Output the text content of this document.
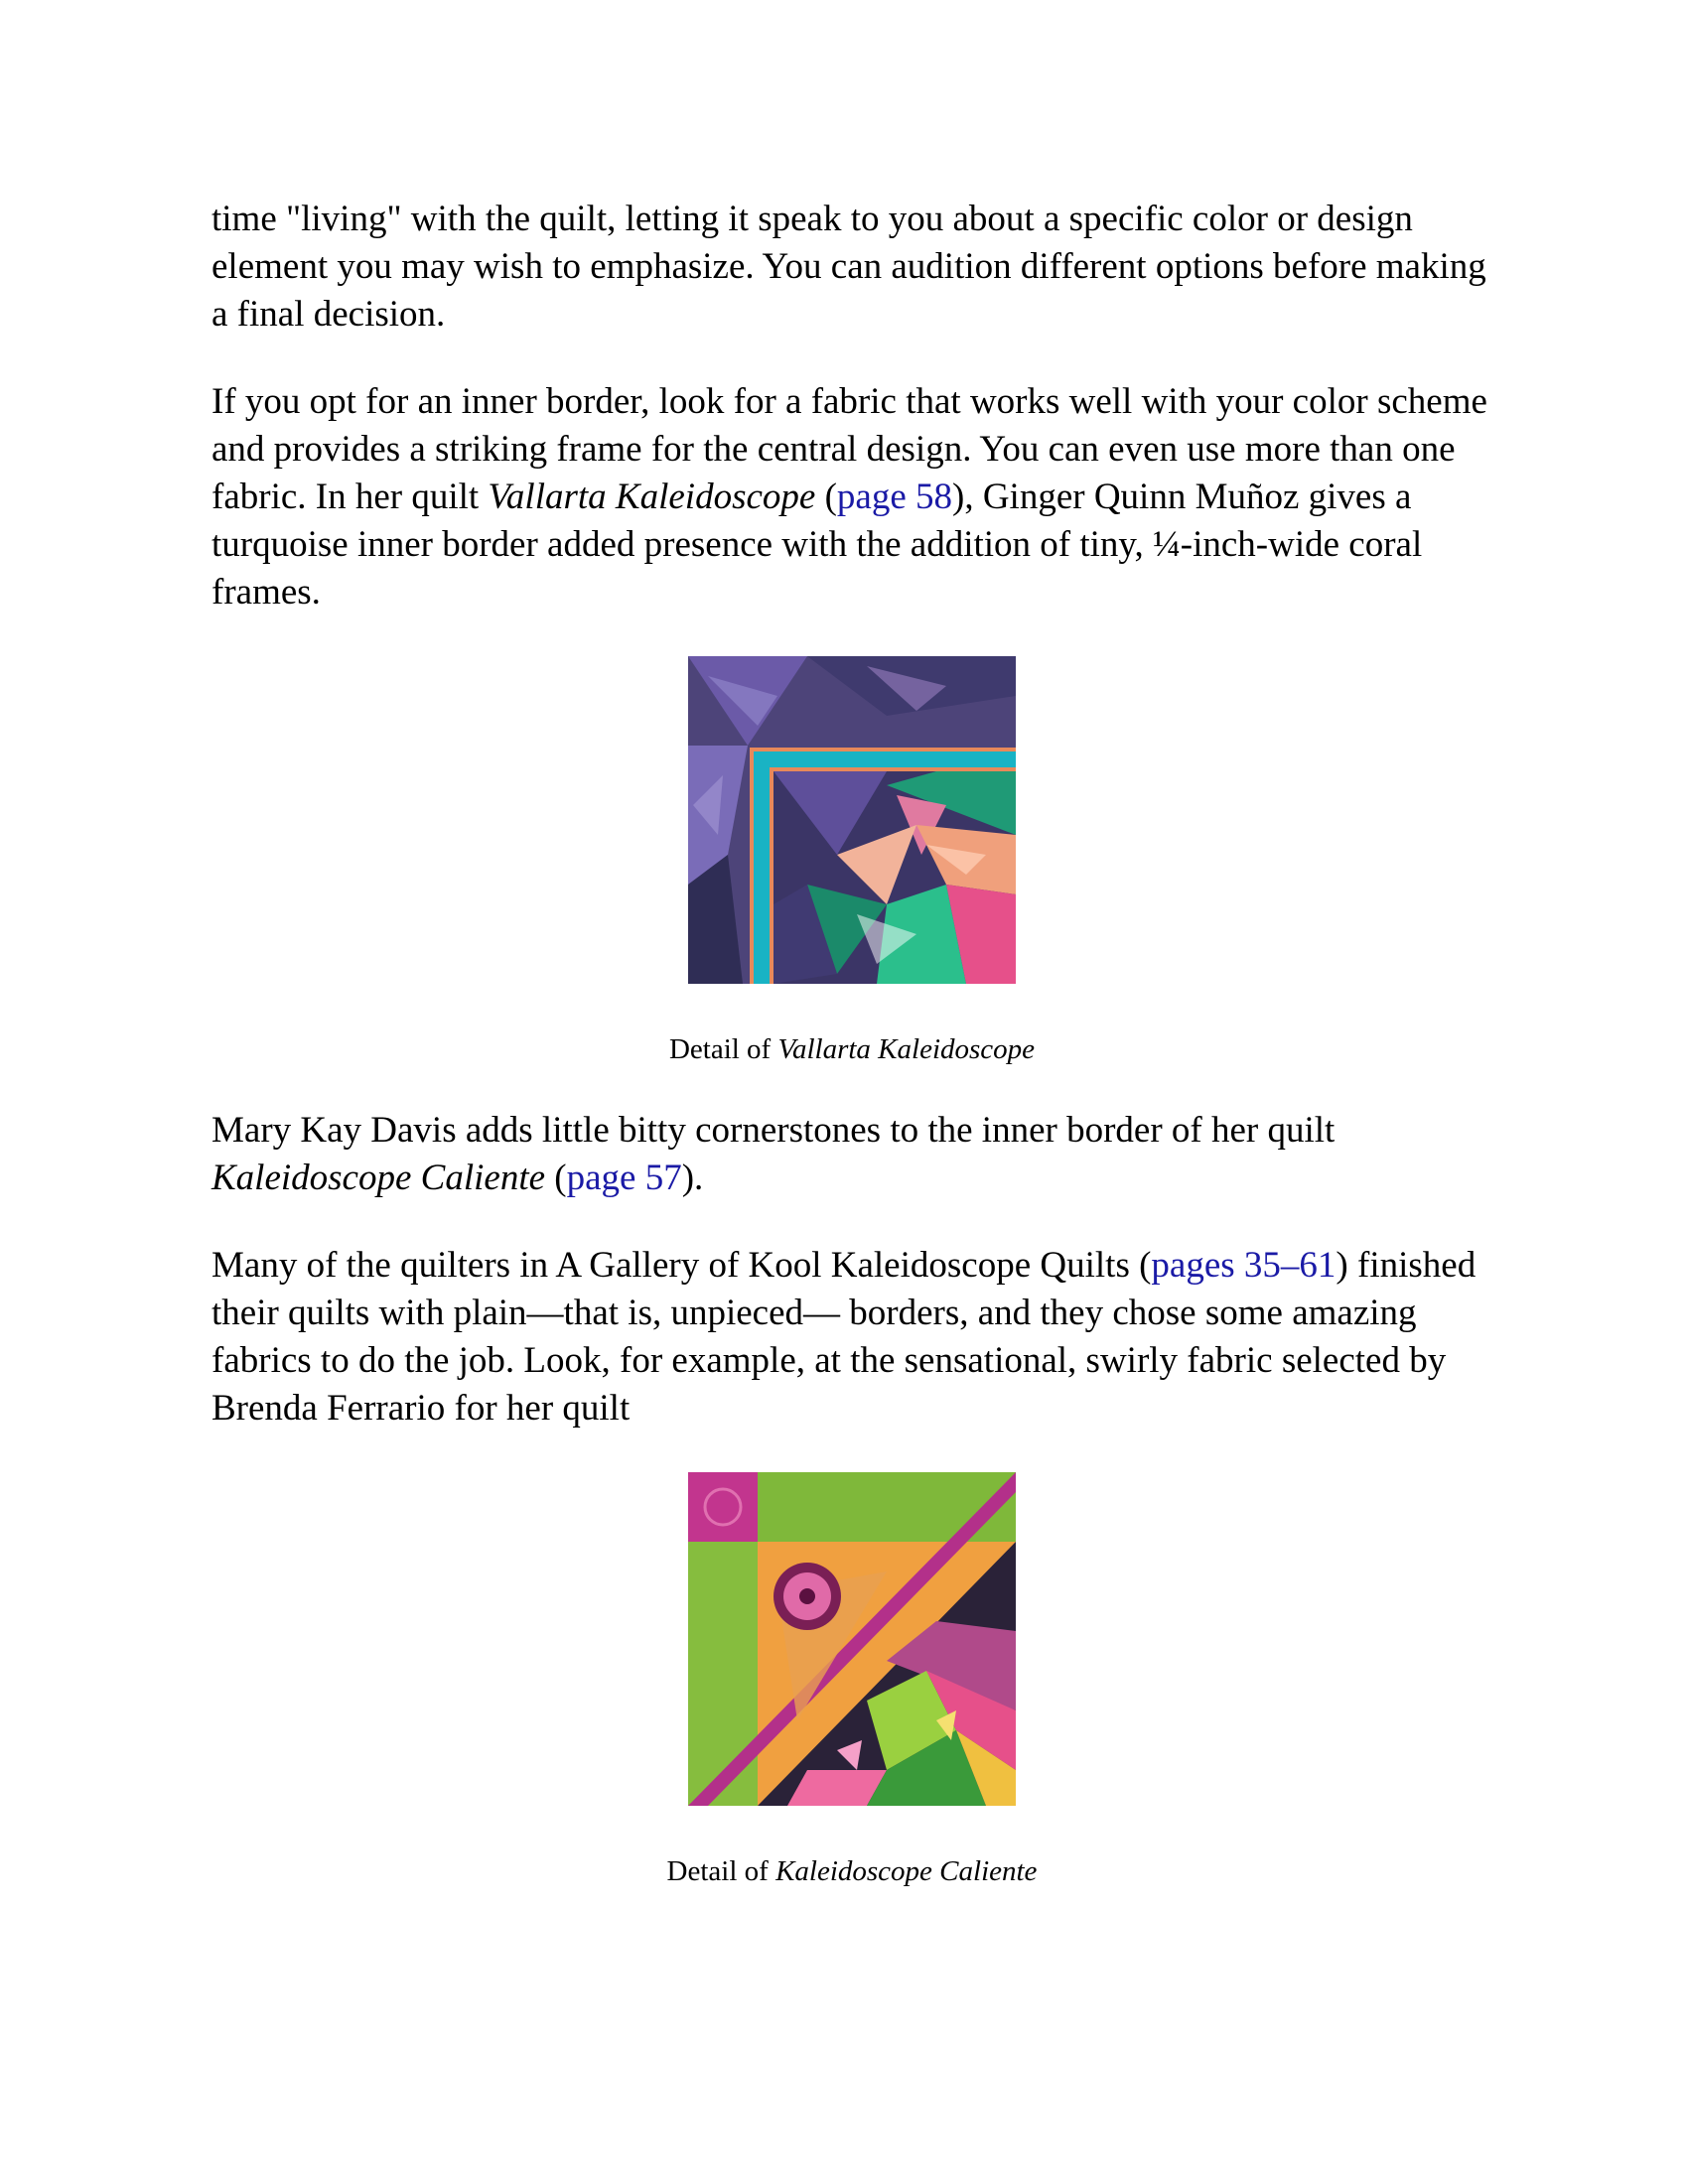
time "living" with the quilt, letting it speak to you about a specific color or design element you may wish to emphasize. You can audition different options before making a final decision.

If you opt for an inner border, look for a fabric that works well with your color scheme and provides a striking frame for the central design. You can even use more than one fabric. In her quilt Vallarta Kaleidoscope (page 58), Ginger Quinn Muñoz gives a turquoise inner border added presence with the addition of tiny, ¼-inch-wide coral frames.

Detail of Vallarta Kaleidoscope

Mary Kay Davis adds little bitty cornerstones to the inner border of her quilt Kaleidoscope Caliente (page 57).

Many of the quilters in A Gallery of Kool Kaleidoscope Quilts (pages 35–61) finished their quilts with plain—that is, unpieced— borders, and they chose some amazing fabrics to do the job. Look, for example, at the sensational, swirly fabric selected by Brenda Ferrario for her quilt

Detail of Kaleidoscope Caliente
